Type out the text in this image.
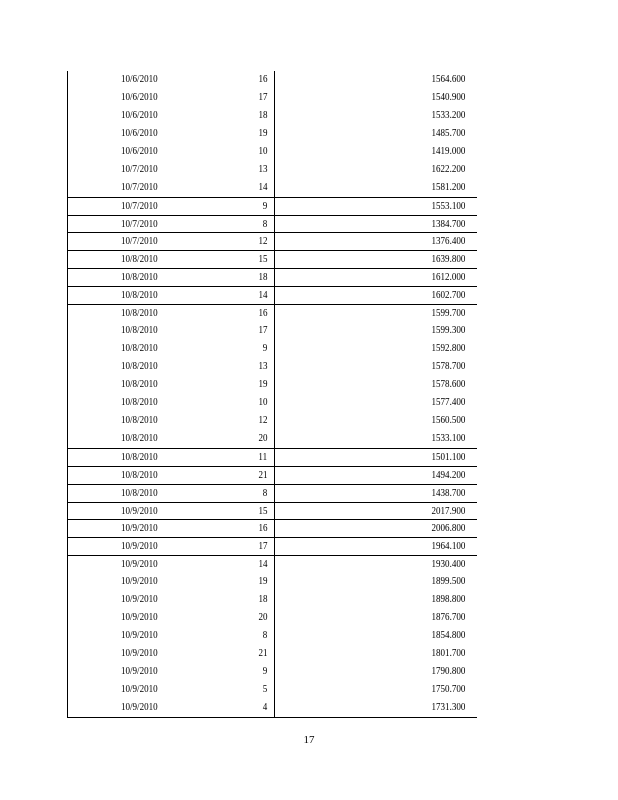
10/6/2010	16	1564.600
10/6/2010	17	1540.900
10/6/2010	18	1533.200
10/6/2010	19	1485.700
10/6/2010	10	1419.000
10/7/2010	13	1622.200
10/7/2010	14	1581.200
10/7/2010	9	1553.100
10/7/2010	8	1384.700
10/7/2010	12	1376.400
10/8/2010	15	1639.800
10/8/2010	18	1612.000
10/8/2010	14	1602.700
10/8/2010	16	1599.700
10/8/2010	17	1599.300
10/8/2010	9	1592.800
10/8/2010	13	1578.700
10/8/2010	19	1578.600
10/8/2010	10	1577.400
10/8/2010	12	1560.500
10/8/2010	20	1533.100
10/8/2010	11	1501.100
10/8/2010	21	1494.200
10/8/2010	8	1438.700
10/9/2010	15	2017.900
10/9/2010	16	2006.800
10/9/2010	17	1964.100
10/9/2010	14	1930.400
10/9/2010	19	1899.500
10/9/2010	18	1898.800
10/9/2010	20	1876.700
10/9/2010	8	1854.800
10/9/2010	21	1801.700
10/9/2010	9	1790.800
10/9/2010	5	1750.700
10/9/2010	4	1731.300
17
